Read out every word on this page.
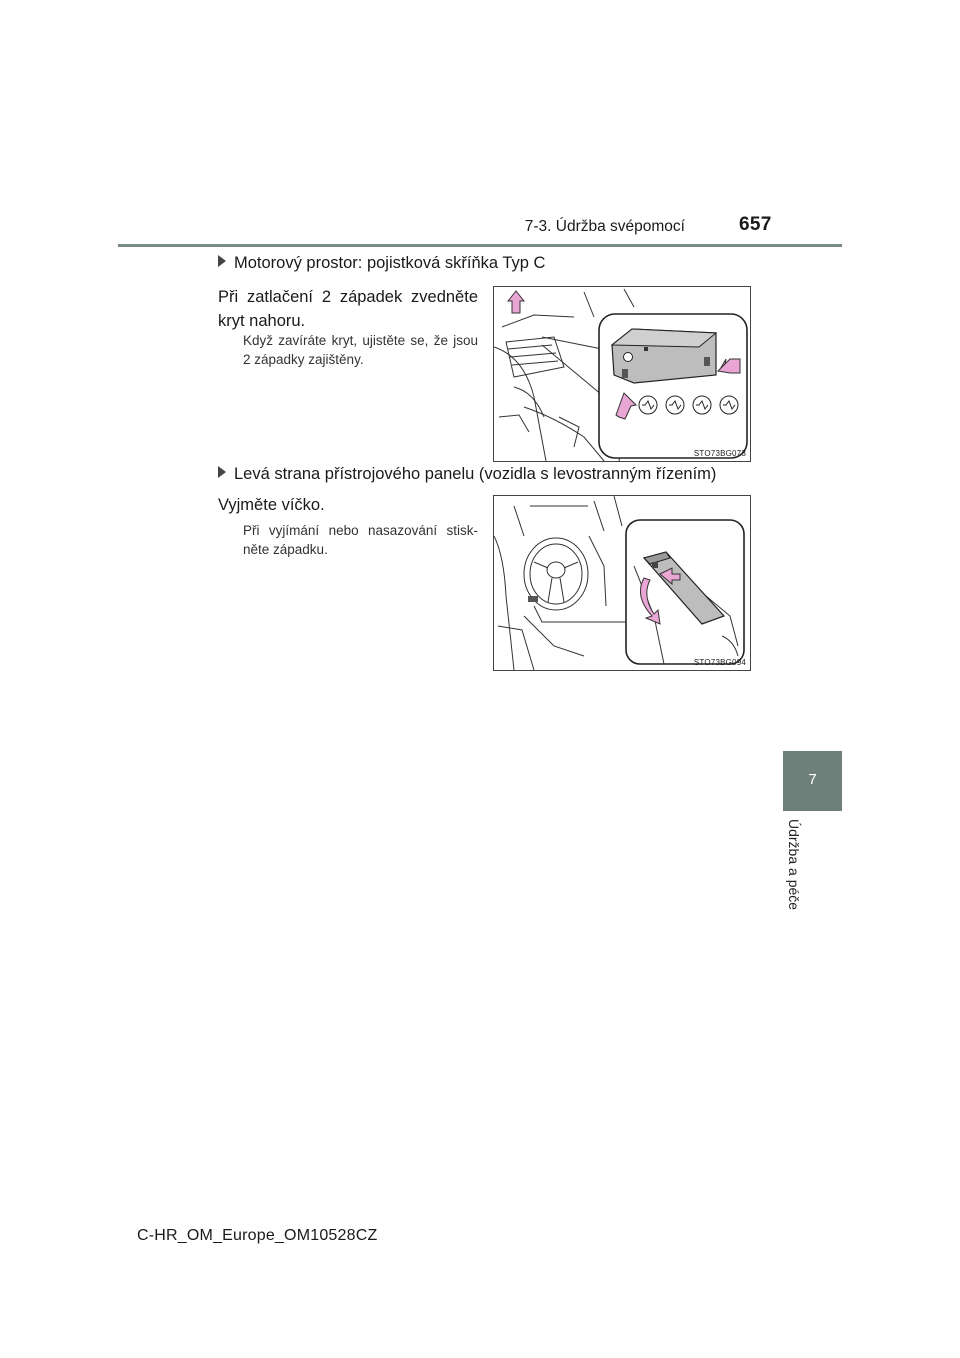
7-3. Údržba svépomocí	657
7
Údržba a péče
Motorový prostor: pojistková skříňka Typ C
Při zatlačení 2 západek zvedněte kryt nahoru.
Když zavíráte kryt, ujistěte se, že jsou 2 západky zajištěny.
STO73BG073
Levá strana přístrojového panelu (vozidla s levostranným řízením)
Vyjměte víčko.
Při vyjímání nebo nasazování stisk-něte západku.
STO73BG094
C-HR_OM_Europe_OM10528CZ
